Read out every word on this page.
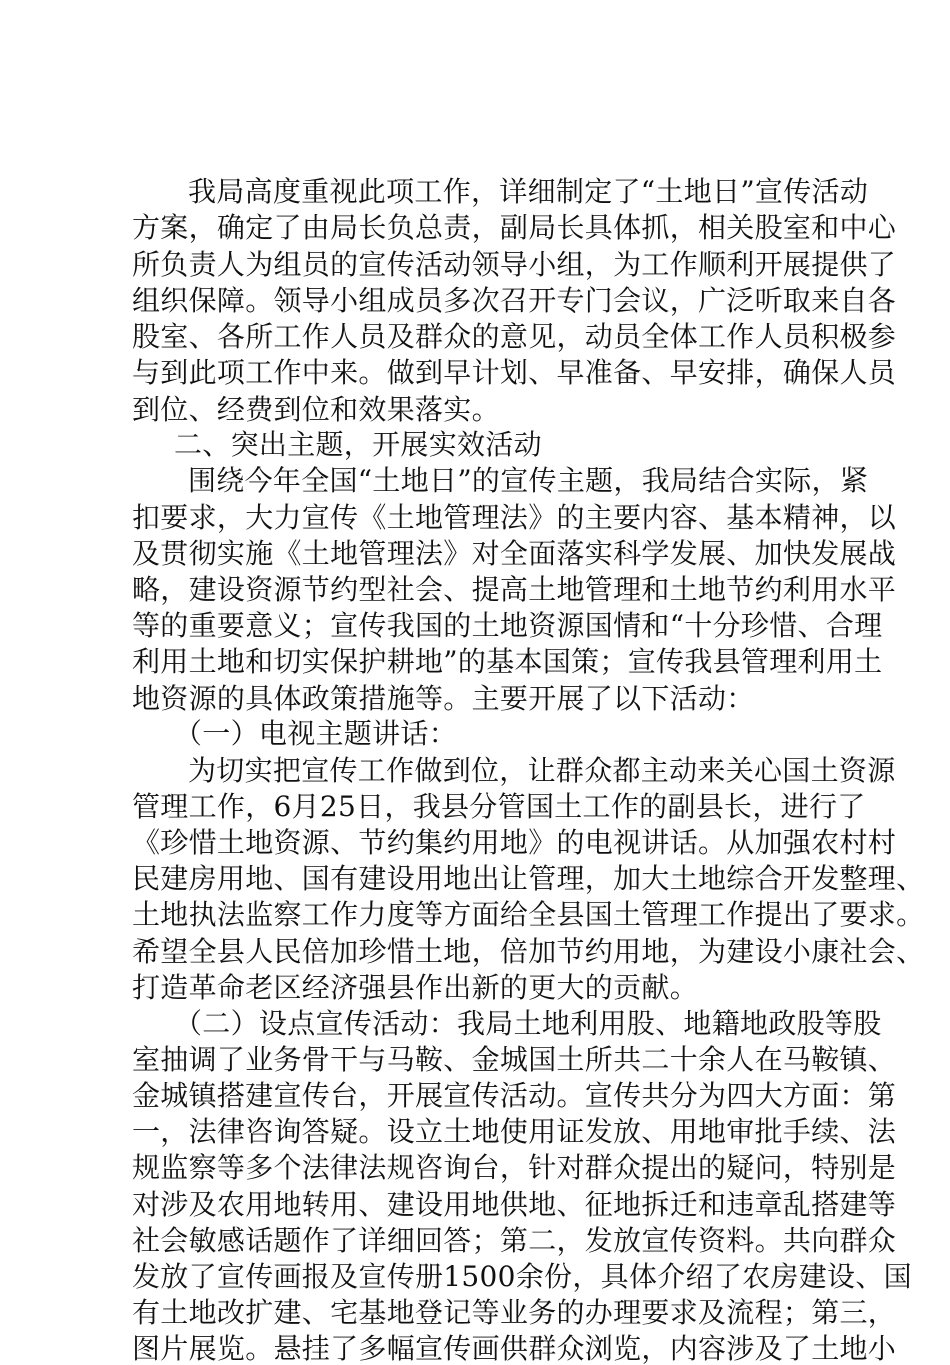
我局高度重视此项工作，详细制定了“土地日”宣传活动
方案，确定了由局长负总责，副局长具体抓，相关股室和中心
所负责人为组员的宣传活动领导小组，为工作顺利开展提供了
组织保障。领导小组成员多次召开专门会议，广泛听取来自各
股室、各所工作人员及群众的意见，动员全体工作人员积极参
与到此项工作中来。做到早计划、早准备、早安排，确保人员
到位、经费到位和效果落实。
二、突出主题，开展实效活动
围绕今年全国“土地日”的宣传主题，我局结合实际，紧
扣要求，大力宣传《土地管理法》的主要内容、基本精神，以
及贯彻实施《土地管理法》对全面落实科学发展、加快发展战
略，建设资源节约型社会、提高土地管理和土地节约利用水平
等的重要意义；宣传我国的土地资源国情和“十分珍惜、合理
利用土地和切实保护耕地”的基本国策；宣传我县管理利用土
地资源的具体政策措施等。主要开展了以下活动：
（一）电视主题讲话：
为切实把宣传工作做到位，让群众都主动来关心国土资源
管理工作，6月25日，我县分管国土工作的副县长，进行了
《珍惜土地资源、节约集约用地》的电视讲话。从加强农村村
民建房用地、国有建设用地出让管理，加大土地综合开发整理、
土地执法监察工作力度等方面给全县国土管理工作提出了要求。
希望全县人民倍加珍惜土地，倍加节约用地，为建设小康社会、
打造革命老区经济强县作出新的更大的贡献。
（二）设点宣传活动：我局土地利用股、地籍地政股等股
室抽调了业务骨干与马鞍、金城国土所共二十余人在马鞍镇、
金城镇搭建宣传台，开展宣传活动。宣传共分为四大方面：第
一，法律咨询答疑。设立土地使用证发放、用地审批手续、法
规监察等多个法律法规咨询台，针对群众提出的疑问，特别是
对涉及农用地转用、建设用地供地、征地拆迁和违章乱搭建等
社会敏感话题作了详细回答；第二，发放宣传资料。共向群众
发放了宣传画报及宣传册1500余份，具体介绍了农房建设、国
有土地改扩建、宅基地登记等业务的办理要求及流程；第三，
图片展览。悬挂了多幅宣传画供群众浏览，内容涉及了土地小
